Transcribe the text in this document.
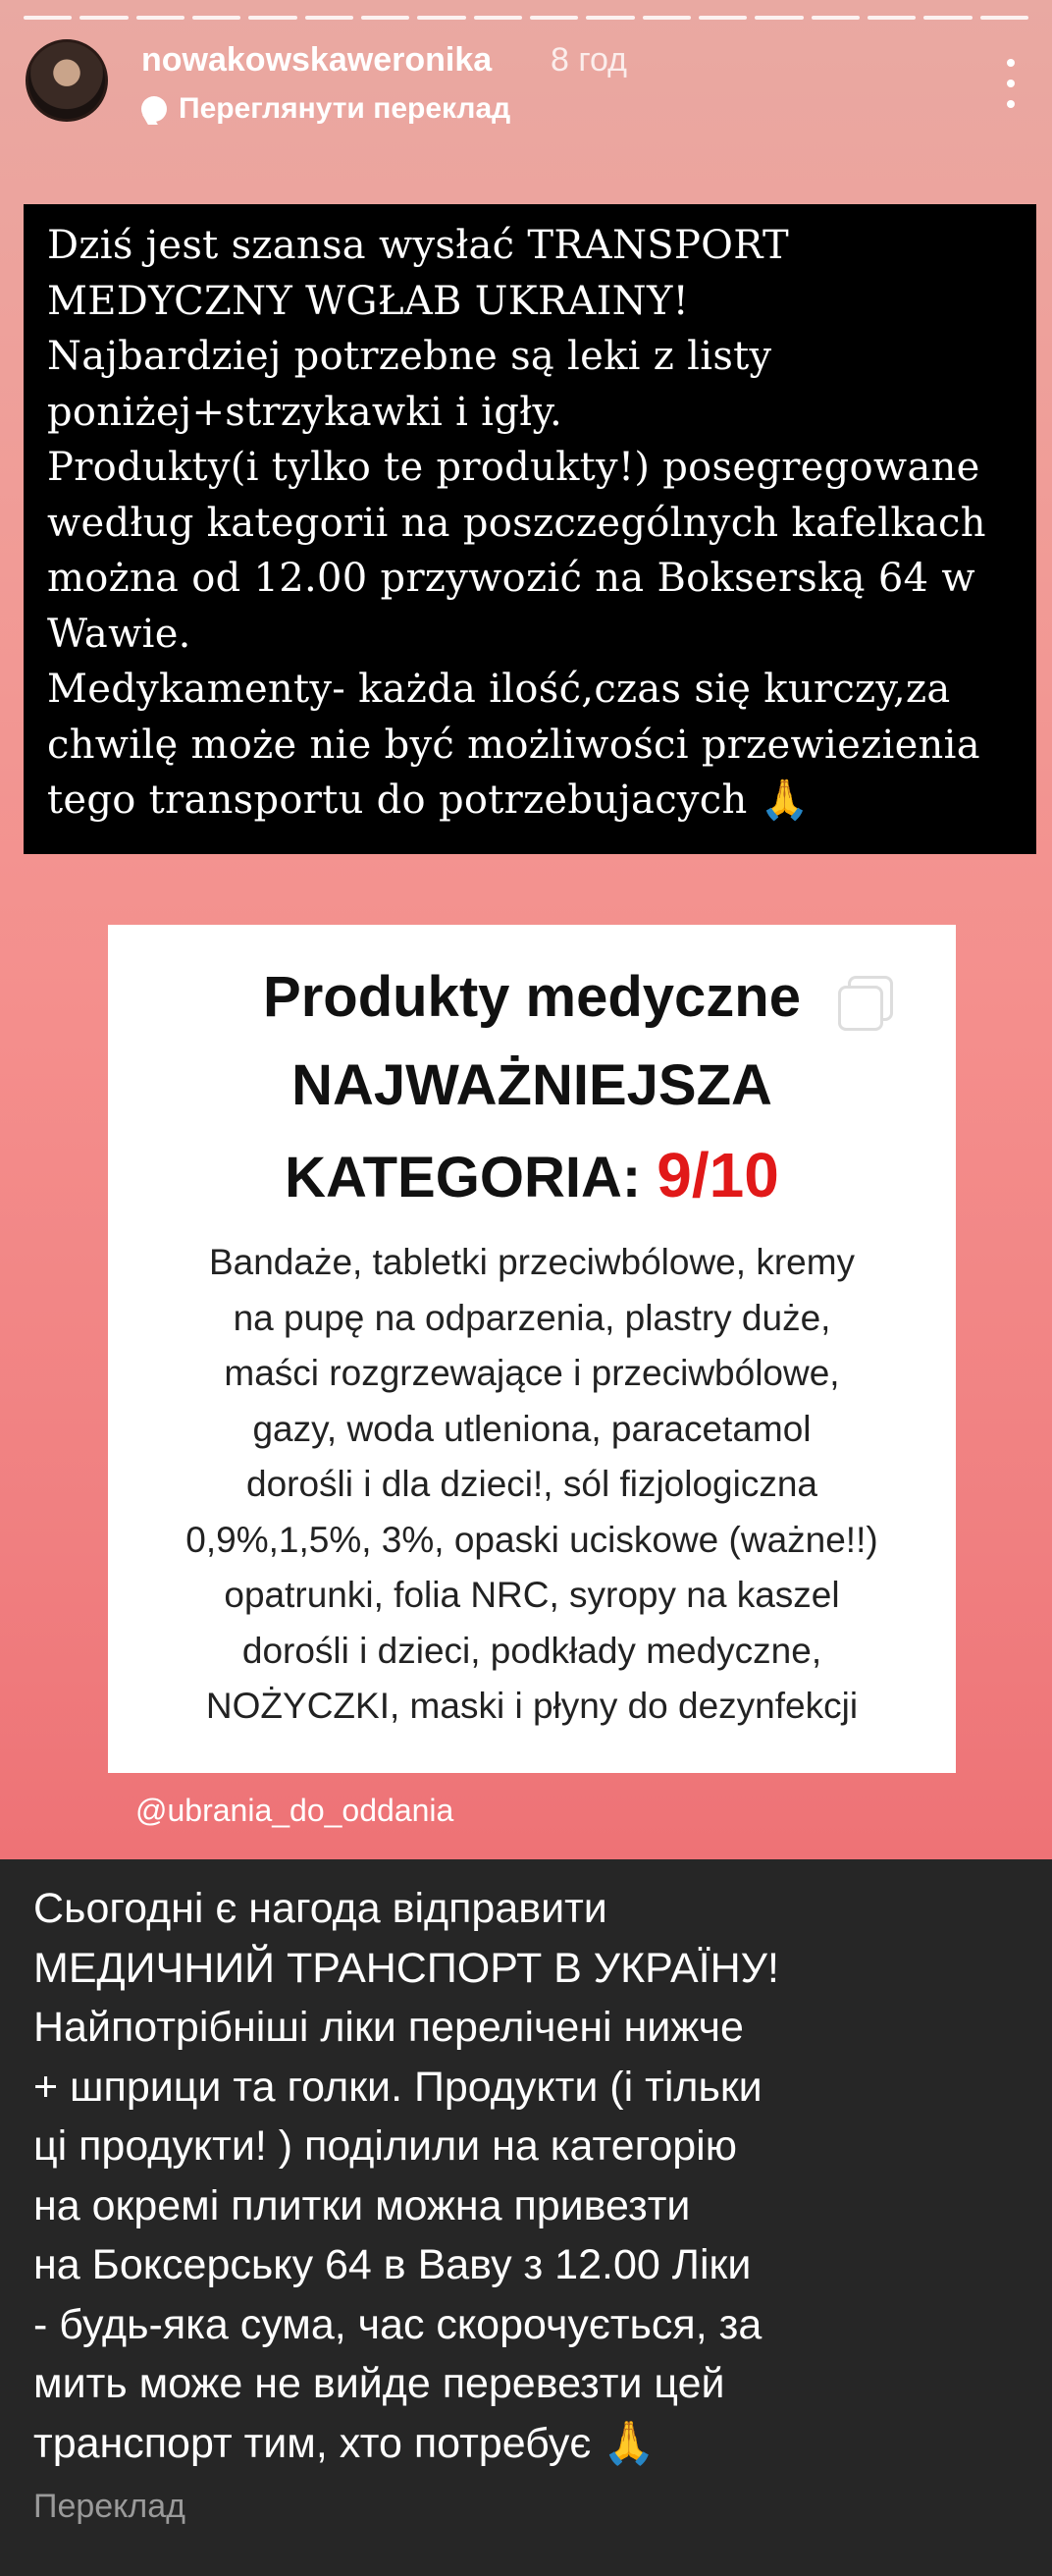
nowakowskaweronika 8 год
Переглянути переклад

Dziś jest szansa wysłać TRANSPORT
MEDYCZNY WGŁAB UKRAINY!
Najbardziej potrzebne są leki z listy
poniżej+strzykawki i igły.
Produkty(i tylko te produkty!) posegregowane
według kategorii na poszczególnych kafelkach
można od 12.00 przywozić na Bokserską 64 w
Wawie.
Medykamenty- każda ilość,czas się kurczy,za
chwilę może nie być możliwości przewiezienia
tego transportu do potrzebujacych 🙏

Produkty medyczne
NAJWAŻNIEJSZA
KATEGORIA: 9/10
Bandaże, tabletki przeciwbólowe, kremy
na pupę na odparzenia, plastry duże,
maści rozgrzewające i przeciwbólowe,
gazy, woda utleniona, paracetamol
dorośli i dla dzieci!, sól fizjologiczna
0,9%,1,5%, 3%, opaski uciskowe (ważne!!)
opatrunki, folia NRC, syropy na kaszel
dorośli i dzieci, podkłady medyczne,
NOŻYCZKI, maski i płyny do dezynfekcji
@ubrania_do_oddania

Сьогодні є нагода відправити
МЕДИЧНИЙ ТРАНСПОРТ В УКРАЇНУ!
Найпотрібніші ліки перелічені нижче
+ шприци та голки. Продукти (і тільки
ці продукти! ) поділили на категорію
на окремі плитки можна привезти
на Боксерську 64 в Ваву з 12.00 Ліки
- будь-яка сума, час скорочується, за
мить може не вийде перевезти цей
транспорт тим, хто потребує 🙏

Переклад
